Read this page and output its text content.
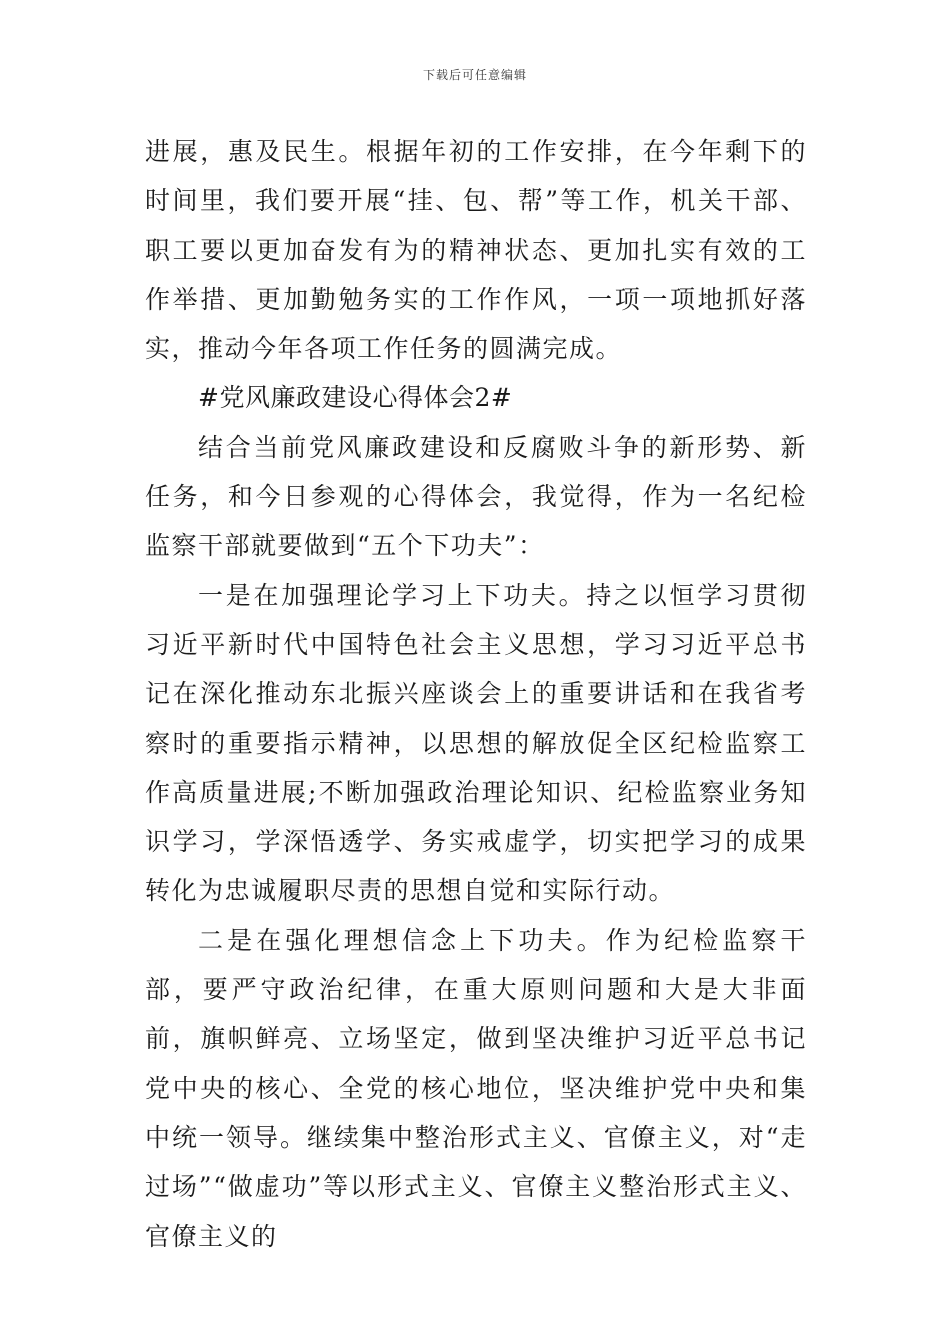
下载后可任意编辑

进展，惠及民生。根据年初的工作安排，在今年剩下的时间里，我们要开展“挂、包、帮”等工作，机关干部、职工要以更加奋发有为的精神状态、更加扎实有效的工作举措、更加勤勉务实的工作作风，一项一项地抓好落实，推动今年各项工作任务的圆满完成。

#党风廉政建设心得体会2#

结合当前党风廉政建设和反腐败斗争的新形势、新任务，和今日参观的心得体会，我觉得，作为一名纪检监察干部就要做到“五个下功夫”：

一是在加强理论学习上下功夫。持之以恒学习贯彻习近平新时代中国特色社会主义思想，学习习近平总书记在深化推动东北振兴座谈会上的重要讲话和在我省考察时的重要指示精神，以思想的解放促全区纪检监察工作高质量进展;不断加强政治理论知识、纪检监察业务知识学习，学深悟透学、务实戒虚学，切实把学习的成果转化为忠诚履职尽责的思想自觉和实际行动。

二是在强化理想信念上下功夫。作为纪检监察干部，要严守政治纪律，在重大原则问题和大是大非面前，旗帜鲜亮、立场坚定，做到坚决维护习近平总书记党中央的核心、全党的核心地位，坚决维护党中央和集中统一领导。继续集中整治形式主义、官僚主义，对“走过场”“做虚功”等以形式主义、官僚主义整治形式主义、官僚主义的
